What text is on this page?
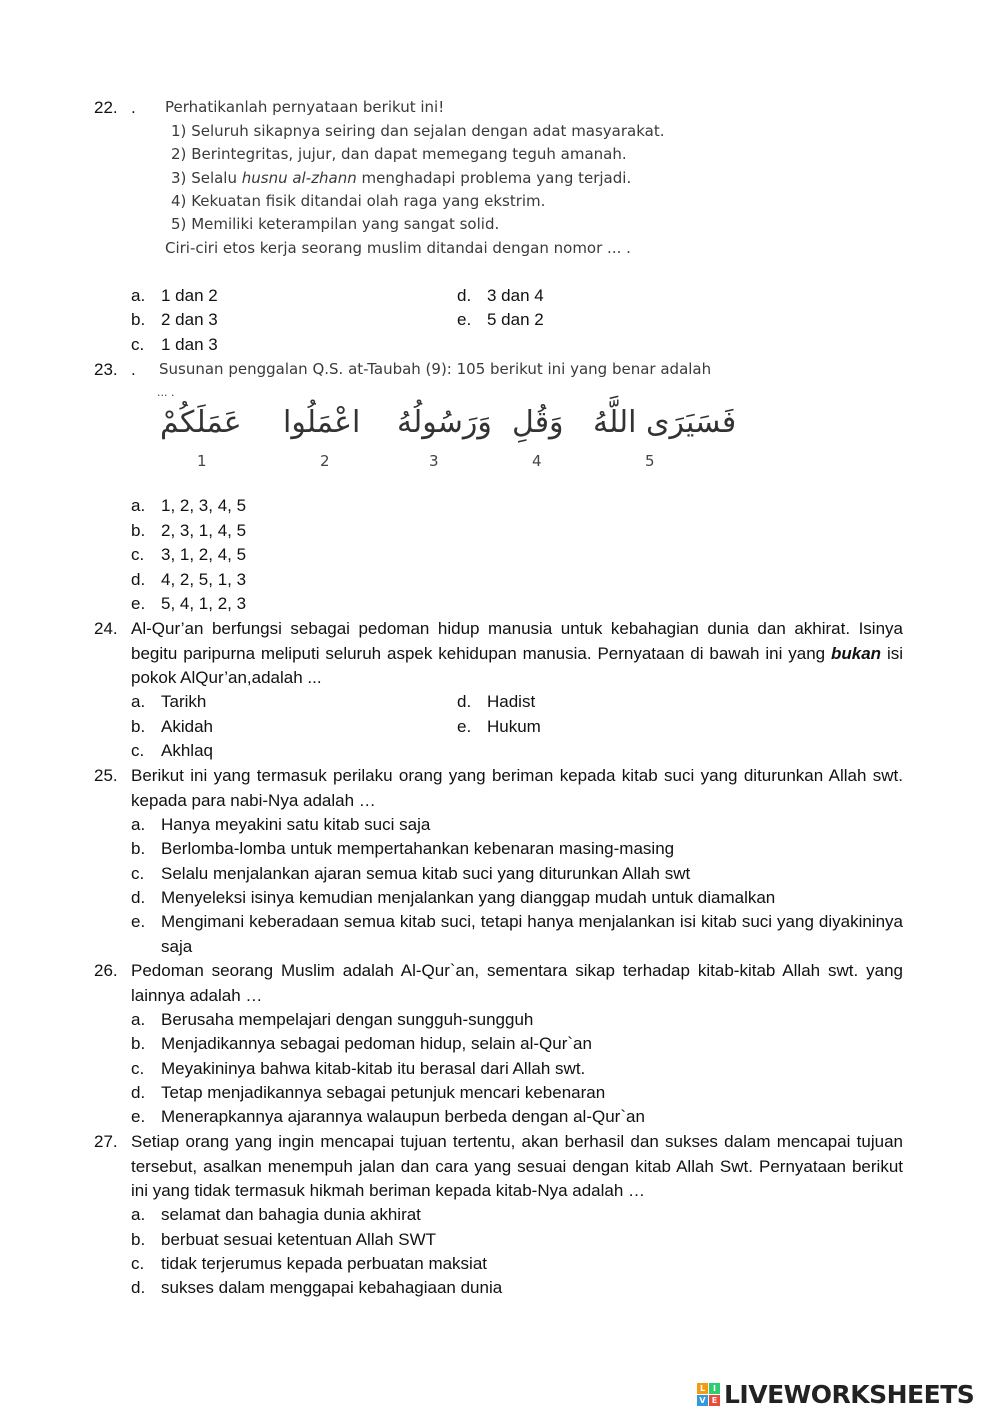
22. . Perhatikanlah pernyataan berikut ini!
1) Seluruh sikapnya seiring dan sejalan dengan adat masyarakat.
2) Berintegritas, jujur, dan dapat memegang teguh amanah.
3) Selalu husnu al-zhann menghadapi problema yang terjadi.
4) Kekuatan fisik ditandai olah raga yang ekstrim.
5) Memiliki keterampilan yang sangat solid.
Ciri-ciri etos kerja seorang muslim ditandai dengan nomor ... .
a. 1 dan 2
b. 2 dan 3
c. 1 dan 3
d. 3 dan 4
e. 5 dan 2
23. . Susunan penggalan Q.S. at-Taubah (9): 105 berikut ini yang benar adalah
... .
عَمَلَكُمْ
1
اعْمَلُوا
2
وَرَسُولُهُ
3
وَقُلِ
4
فَسَيَرَى اللَّهُ
5
a. 1, 2, 3, 4, 5
b. 2, 3, 1, 4, 5
c. 3, 1, 2, 4, 5
d. 4, 2, 5, 1, 3
e. 5, 4, 1, 2, 3
24. Al-Qur’an berfungsi sebagai pedoman hidup manusia untuk kebahagian dunia dan akhirat. Isinya begitu paripurna meliputi seluruh aspek kehidupan manusia. Pernyataan di bawah ini yang bukan isi pokok AlQur’an,adalah ...
a. Tarikh
b. Akidah
c. Akhlaq
d. Hadist
e. Hukum
25. Berikut ini yang termasuk perilaku orang yang beriman kepada kitab suci yang diturunkan Allah swt. kepada para nabi-Nya adalah …
a. Hanya meyakini satu kitab suci saja
b. Berlomba-lomba untuk mempertahankan kebenaran masing-masing
c. Selalu menjalankan ajaran semua kitab suci yang diturunkan Allah swt
d. Menyeleksi isinya kemudian menjalankan yang dianggap mudah untuk diamalkan
e. Mengimani keberadaan semua kitab suci, tetapi hanya menjalankan isi kitab suci yang diyakininya saja
26. Pedoman seorang Muslim adalah Al-Qur`an, sementara sikap terhadap kitab-kitab Allah swt. yang lainnya adalah …
a. Berusaha mempelajari dengan sungguh-sungguh
b. Menjadikannya sebagai pedoman hidup, selain al-Qur`an
c. Meyakininya bahwa kitab-kitab itu berasal dari Allah swt.
d. Tetap menjadikannya sebagai petunjuk mencari kebenaran
e. Menerapkannya ajarannya walaupun berbeda dengan al-Qur`an
27. Setiap orang yang ingin mencapai tujuan tertentu, akan berhasil dan sukses dalam mencapai tujuan tersebut, asalkan menempuh jalan dan cara yang sesuai dengan kitab Allah Swt. Pernyataan berikut ini yang tidak termasuk hikmah beriman kepada kitab-Nya adalah …
a. selamat dan bahagia dunia akhirat
b. berbuat sesuai ketentuan Allah SWT
c. tidak terjerumus kepada perbuatan maksiat
d. sukses dalam menggapai kebahagiaan dunia
L I
V E LIVEWORKSHEETS
